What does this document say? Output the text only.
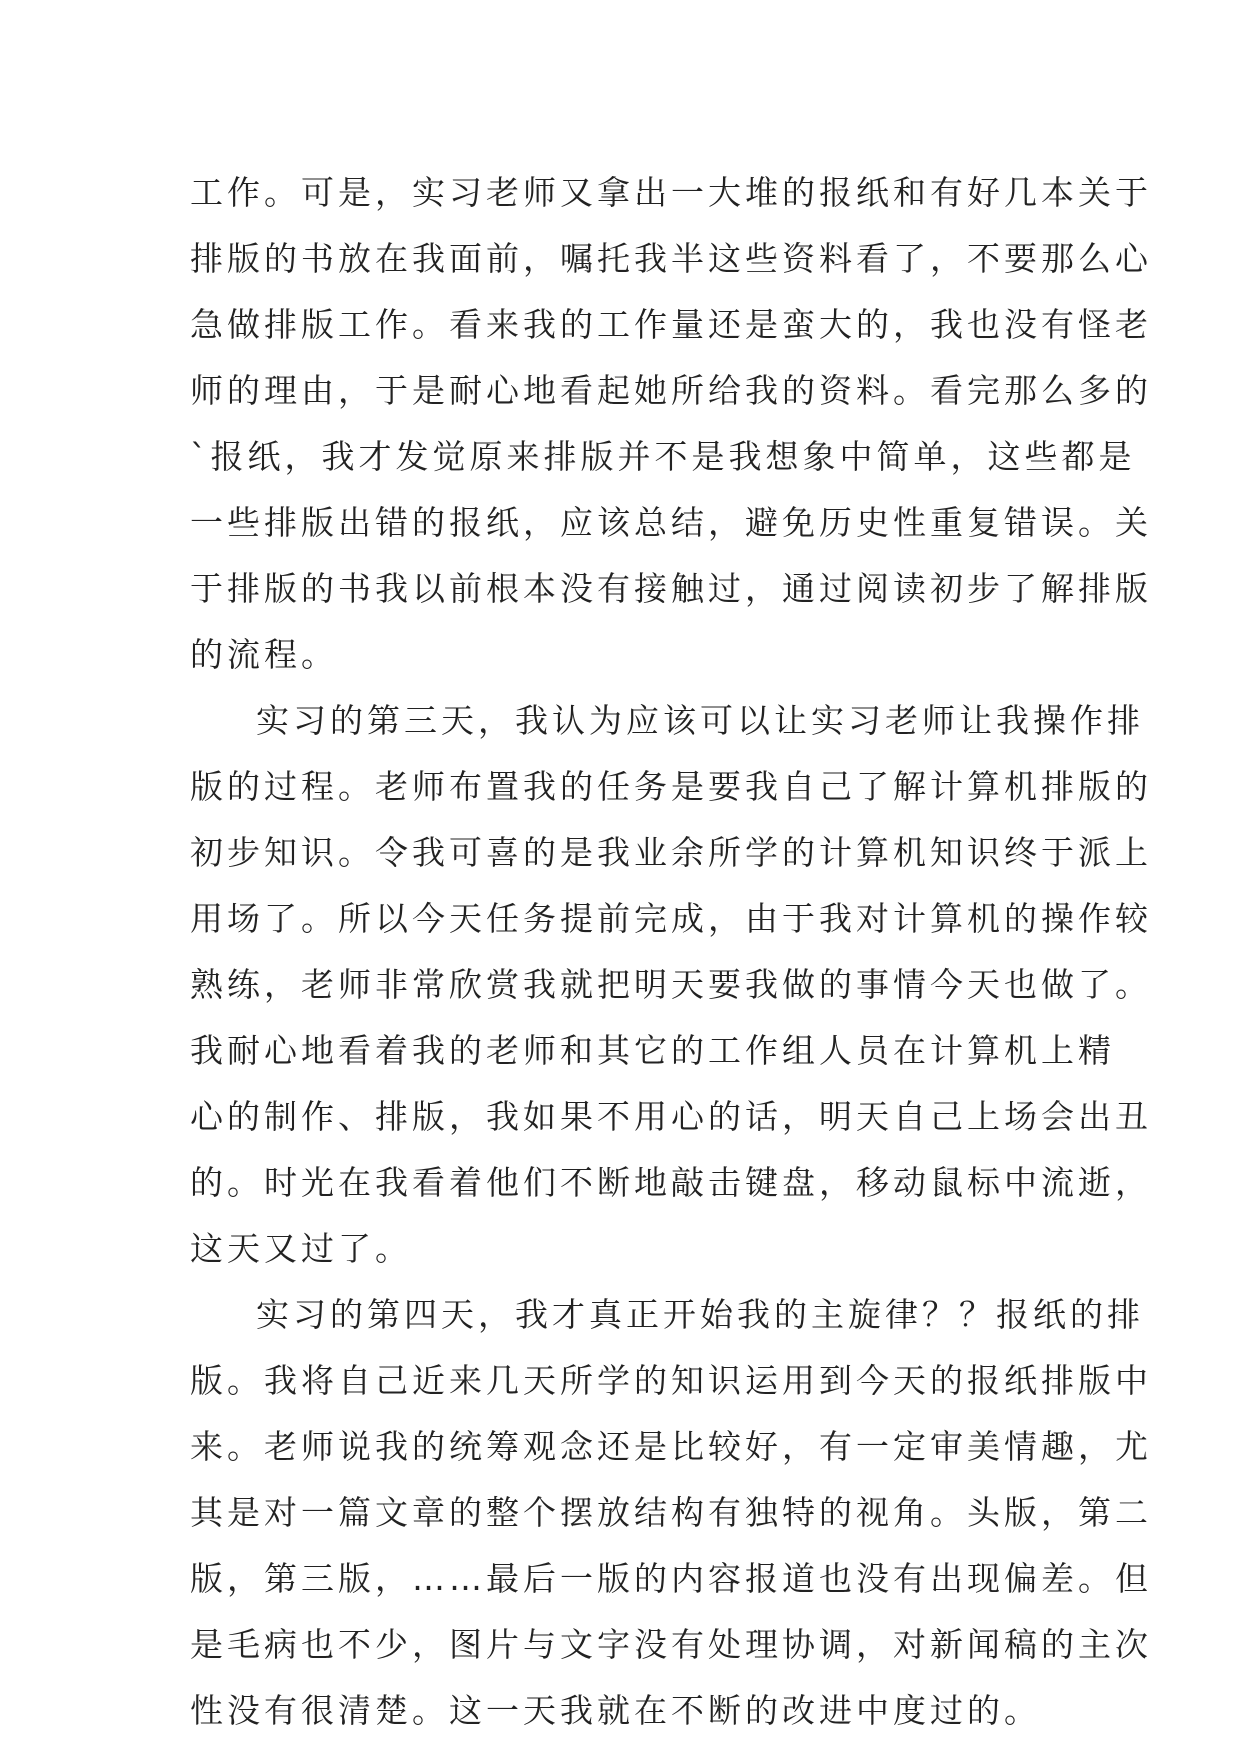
工作。可是，实习老师又拿出一大堆的报纸和有好几本关于
排版的书放在我面前，嘱托我半这些资料看了，不要那么心
急做排版工作。看来我的工作量还是蛮大的，我也没有怪老
师的理由，于是耐心地看起她所给我的资料。看完那么多的
`报纸，我才发觉原来排版并不是我想象中简单，这些都是
一些排版出错的报纸，应该总结，避免历史性重复错误。关
于排版的书我以前根本没有接触过，通过阅读初步了解排版
的流程。

实习的第三天，我认为应该可以让实习老师让我操作排
版的过程。老师布置我的任务是要我自己了解计算机排版的
初步知识。令我可喜的是我业余所学的计算机知识终于派上
用场了。所以今天任务提前完成，由于我对计算机的操作较
熟练，老师非常欣赏我就把明天要我做的事情今天也做了。
我耐心地看着我的老师和其它的工作组人员在计算机上精
心的制作、排版，我如果不用心的话，明天自己上场会出丑
的。时光在我看着他们不断地敲击键盘，移动鼠标中流逝，
这天又过了。

实习的第四天，我才真正开始我的主旋律？？报纸的排
版。我将自己近来几天所学的知识运用到今天的报纸排版中
来。老师说我的统筹观念还是比较好，有一定审美情趣，尤
其是对一篇文章的整个摆放结构有独特的视角。头版，第二
版，第三版，……最后一版的内容报道也没有出现偏差。但
是毛病也不少，图片与文字没有处理协调，对新闻稿的主次
性没有很清楚。这一天我就在不断的改进中度过的。
